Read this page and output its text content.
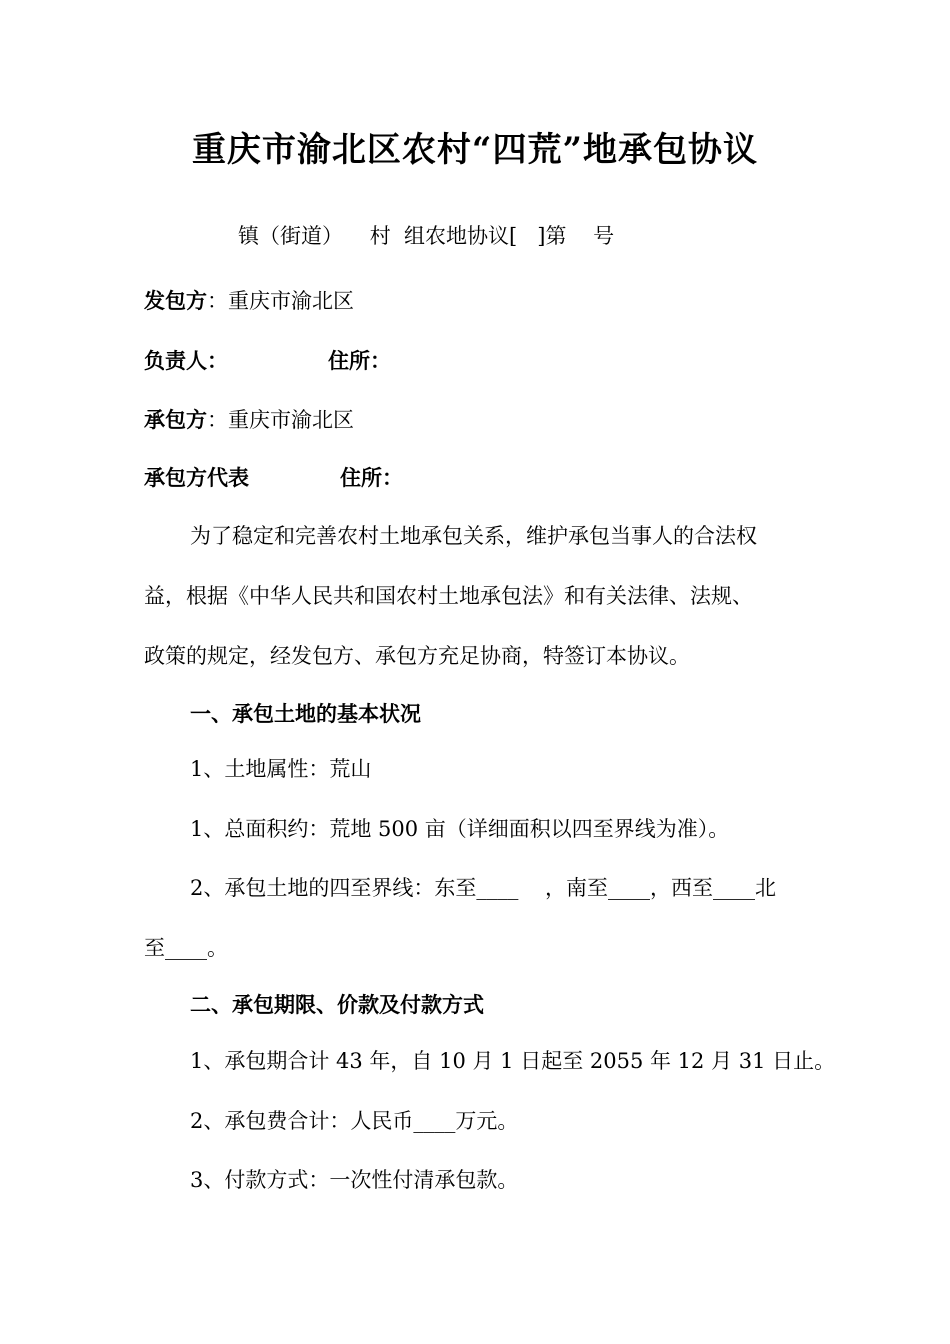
重庆市渝北区农村“四荒”地承包协议
镇（街道）    村  组农地协议[   ]第    号
发包方：重庆市渝北区
负责人：	住所：
承包方：重庆市渝北区
承包方代表	住所：
为了稳定和完善农村土地承包关系，维护承包当事人的合法权
益，根据《中华人民共和国农村土地承包法》和有关法律、法规、
政策的规定，经发包方、承包方充足协商，特签订本协议。
一、承包土地的基本状况
1、土地属性：荒山
1、总面积约：荒地 500 亩（详细面积以四至界线为准）。
2、承包土地的四至界线：东至____    ，南至____，西至____北
至____。
二、承包期限、价款及付款方式
1、承包期合计 43 年，自 10 月 1 日起至 2055 年 12 月 31 日止。
2、承包费合计：人民币____万元。
3、付款方式：一次性付清承包款。
